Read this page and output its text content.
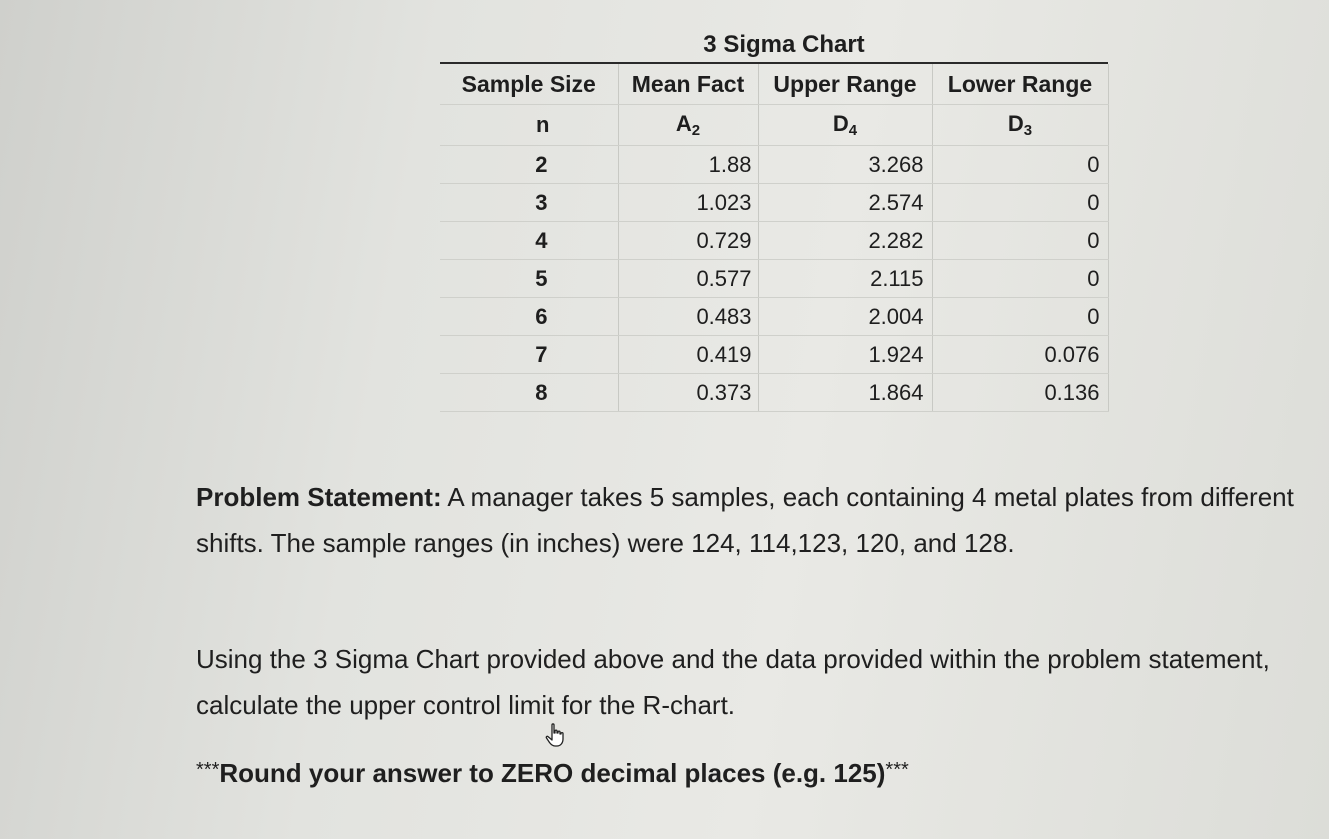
3 Sigma Chart
Sample Size	Mean Fact	Upper Range	Lower Range
n	$A_2$	$D_4$	$D_3$
2	1.88	3.268	0
3	1.023	2.574	0
4	0.729	2.282	0
5	0.577	2.115	0
6	0.483	2.004	0
7	0.419	1.924	0.076
8	0.373	1.864	0.136
Problem Statement: A manager takes 5 samples, each containing 4 metal plates from different shifts. The sample ranges (in inches) were 124, 114,123, 120, and 128.
Using the 3 Sigma Chart provided above and the data provided within the problem statement, calculate the upper control limit for the R-chart.
***Round your answer to ZERO decimal places (e.g. 125)***
